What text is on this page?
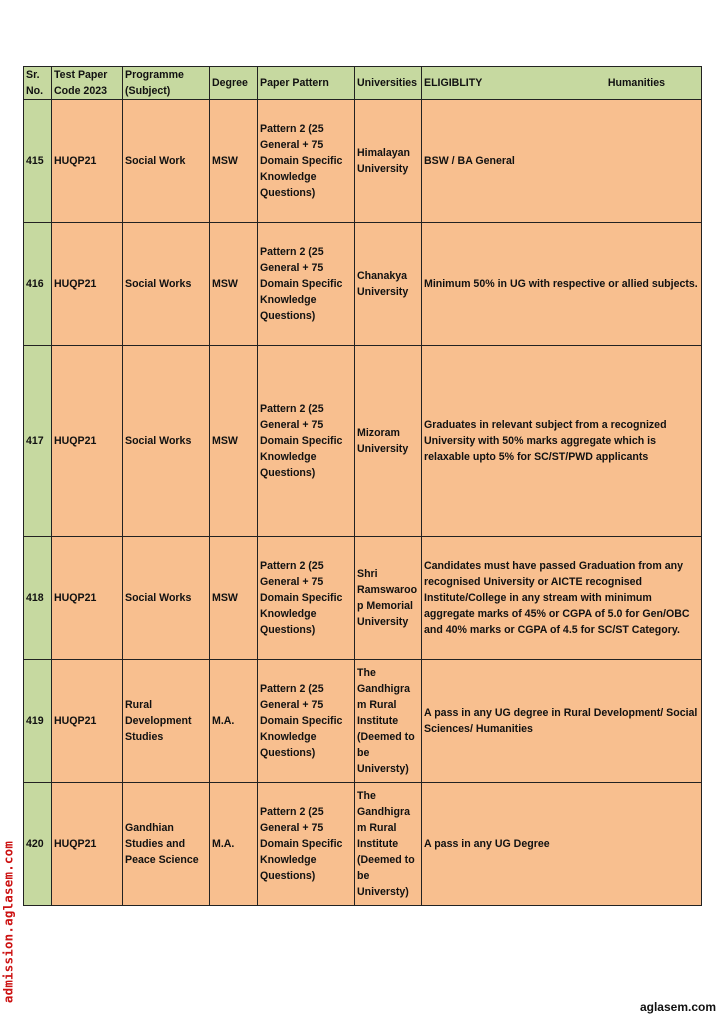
Sr. No.	Test Paper Code 2023	Programme (Subject)	Degree	Paper Pattern	Universities	ELIGIBLITY Humanities

415	HUQP21	Social Work	MSW	Pattern 2 (25 General + 75 Domain Specific Knowledge Questions)	Himalayan University	BSW / BA General
416	HUQP21	Social Works	MSW	Pattern 2 (25 General + 75 Domain Specific Knowledge Questions)	Chanakya University	Minimum 50% in UG with respective or allied subjects.
417	HUQP21	Social Works	MSW	Pattern 2 (25 General + 75 Domain Specific Knowledge Questions)	Mizoram University	Graduates in relevant subject from a recognized University with 50% marks aggregate which is relaxable upto 5% for SC/ST/PWD applicants
418	HUQP21	Social Works	MSW	Pattern 2 (25 General + 75 Domain Specific Knowledge Questions)	Shri Ramswaroop Memorial University	Candidates must have passed Graduation from any recognised University or AICTE recognised Institute/College in any stream with minimum aggregate marks of 45% or CGPA of 5.0 for Gen/OBC and 40% marks or CGPA of 4.5 for SC/ST Category.
419	HUQP21	Rural Development Studies	M.A.	Pattern 2 (25 General + 75 Domain Specific Knowledge Questions)	The Gandhigram Rural Institute (Deemed to be Universty)	A pass in any UG degree in Rural Development/ Social Sciences/ Humanities
420	HUQP21	Gandhian Studies and Peace Science	M.A.	Pattern 2 (25 General + 75 Domain Specific Knowledge Questions)	The Gandhigram Rural Institute (Deemed to be Universty)	A pass in any UG Degree
admission.aglasem.com
aglasem.com
